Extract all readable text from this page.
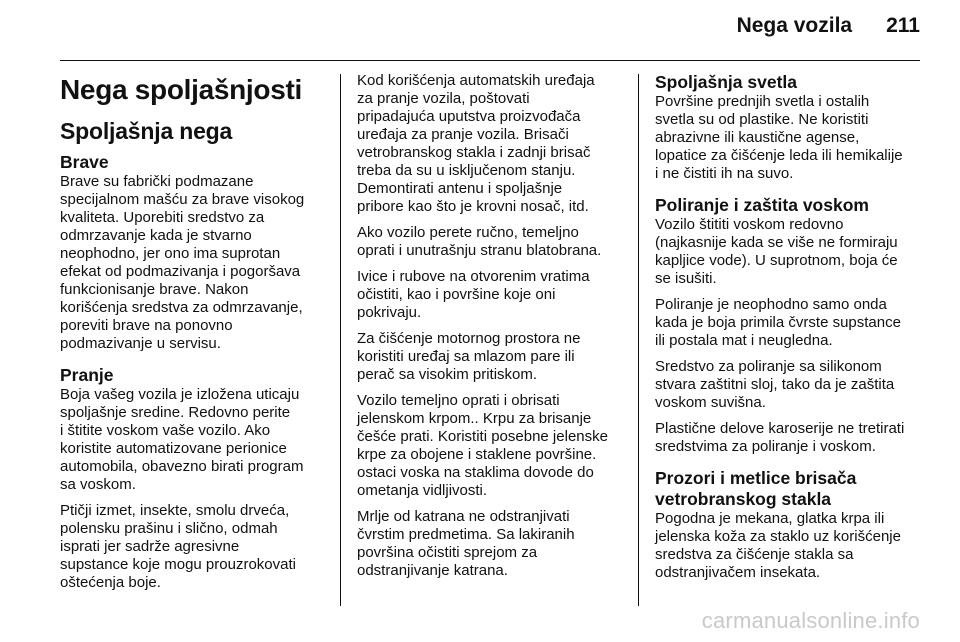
Nega vozila 211
Nega spoljašnjosti
Spoljašnja nega
Brave

Brave su fabrički podmazane
specijalnom mašću za brave visokog
kvaliteta. Uporebiti sredstvo za
odmrzavanje kada je stvarno
neophodno, jer ono ima suprotan
efekat od podmazivanja i pogoršava
funkcionisanje brave. Nakon
korišćenja sredstva za odmrzavanje,
poreviti brave na ponovno
podmazivanje u servisu.

Pranje

Boja vašeg vozila je izložena uticaju
spoljašnje sredine. Redovno perite
i štitite voskom vaše vozilo. Ako
koristite automatizovane perionice
automobila, obavezno birati program
sa voskom.

Ptičji izmet, insekte, smolu drveća,
polensku prašinu i slično, odmah
isprati jer sadrže agresivne
supstance koje mogu prouzrokovati
oštećenja boje.

Kod korišćenja automatskih uređaja
za pranje vozila, poštovati
pripadajuća uputstva proizvođača
uređaja za pranje vozila. Brisači
vetrobranskog stakla i zadnji brisač
treba da su u isključenom stanju.
Demontirati antenu i spoljašnje
pribore kao što je krovni nosač, itd.

Ako vozilo perete ručno, temeljno
oprati i unutrašnju stranu blatobrana.

Ivice i rubove na otvorenim vratima
očistiti, kao i površine koje oni
pokrivaju.

Za čišćenje motornog prostora ne
koristiti uređaj sa mlazom pare ili
perač sa visokim pritiskom.

Vozilo temeljno oprati i obrisati
jelenskom krpom.. Krpu za brisanje
češće prati. Koristiti posebne jelenske
krpe za obojene i staklene površine.
ostaci voska na staklima dovode do
ometanja vidljivosti.

Mrlje od katrana ne odstranjivati
čvrstim predmetima. Sa lakiranih
površina očistiti sprejom za
odstranjivanje katrana.

Spoljašnja svetla

Površine prednjih svetla i ostalih
svetla su od plastike. Ne koristiti
abrazivne ili kaustične agense,
lopatice za čišćenje leda ili hemikalije
i ne čistiti ih na suvo.

Poliranje i zaštita voskom

Vozilo štititi voskom redovno
(najkasnije kada se više ne formiraju
kapljice vode). U suprotnom, boja će
se isušiti.

Poliranje je neophodno samo onda
kada je boja primila čvrste supstance
ili postala mat i neugledna.

Sredstvo za poliranje sa silikonom
stvara zaštitni sloj, tako da je zaštita
voskom suvišna.

Plastične delove karoserije ne tretirati
sredstvima za poliranje i voskom.

Prozori i metlice brisača
vetrobranskog stakla

Pogodna je mekana, glatka krpa ili
jelenska koža za staklo uz korišćenje
sredstva za čišćenje stakla sa
odstranjivačem insekata.

carmanualsonline.info
